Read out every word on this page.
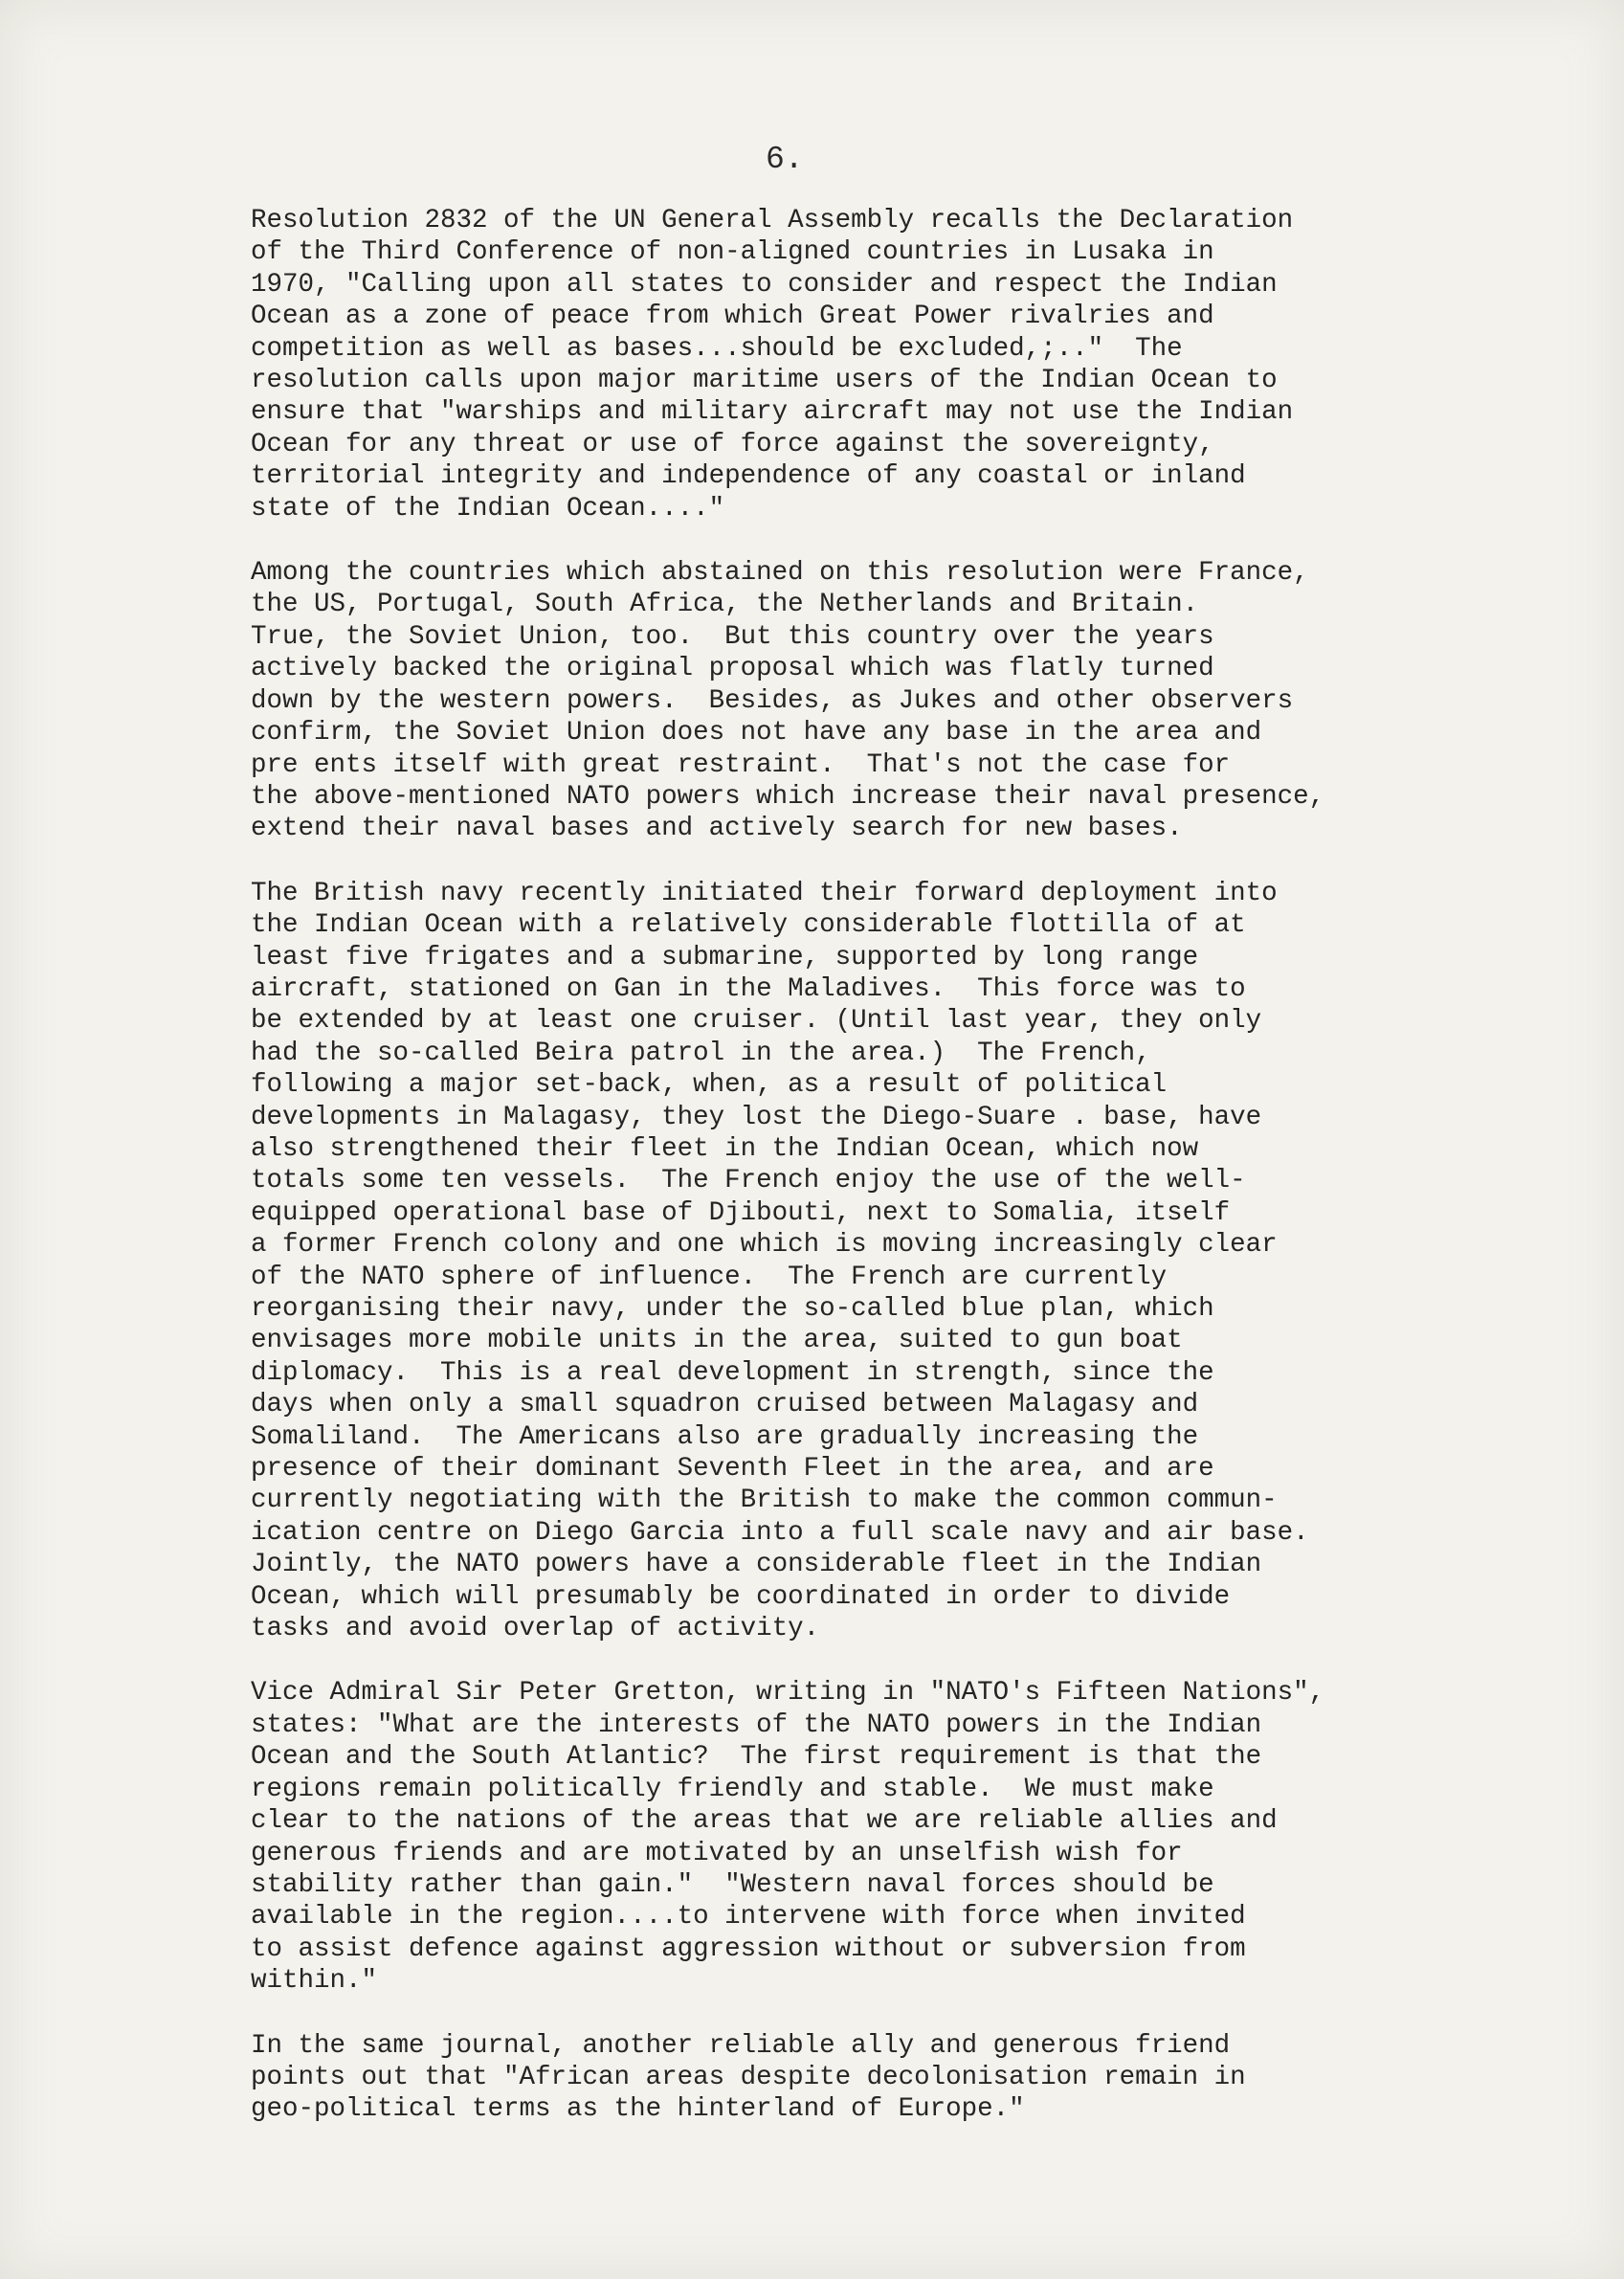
6.
Resolution 2832 of the UN General Assembly recalls the Declaration
of the Third Conference of non-aligned countries in Lusaka in
1970, "Calling upon all states to consider and respect the Indian
Ocean as a zone of peace from which Great Power rivalries and
competition as well as bases...should be excluded,;.."  The
resolution calls upon major maritime users of the Indian Ocean to
ensure that "warships and military aircraft may not use the Indian
Ocean for any threat or use of force against the sovereignty,
territorial integrity and independence of any coastal or inland
state of the Indian Ocean...."
Among the countries which abstained on this resolution were France,
the US, Portugal, South Africa, the Netherlands and Britain.
True, the Soviet Union, too.  But this country over the years
actively backed the original proposal which was flatly turned
down by the western powers.  Besides, as Jukes and other observers
confirm, the Soviet Union does not have any base in the area and
pre ents itself with great restraint.  That's not the case for
the above-mentioned NATO powers which increase their naval presence,
extend their naval bases and actively search for new bases.
The British navy recently initiated their forward deployment into
the Indian Ocean with a relatively considerable flottilla of at
least five frigates and a submarine, supported by long range
aircraft, stationed on Gan in the Maladives.  This force was to
be extended by at least one cruiser. (Until last year, they only
had the so-called Beira patrol in the area.)  The French,
following a major set-back, when, as a result of political
developments in Malagasy, they lost the Diego-Suare . base, have
also strengthened their fleet in the Indian Ocean, which now
totals some ten vessels.  The French enjoy the use of the well-
equipped operational base of Djibouti, next to Somalia, itself
a former French colony and one which is moving increasingly clear
of the NATO sphere of influence.  The French are currently
reorganising their navy, under the so-called blue plan, which
envisages more mobile units in the area, suited to gun boat
diplomacy.  This is a real development in strength, since the
days when only a small squadron cruised between Malagasy and
Somaliland.  The Americans also are gradually increasing the
presence of their dominant Seventh Fleet in the area, and are
currently negotiating with the British to make the common commun-
ication centre on Diego Garcia into a full scale navy and air base.
Jointly, the NATO powers have a considerable fleet in the Indian
Ocean, which will presumably be coordinated in order to divide
tasks and avoid overlap of activity.
Vice Admiral Sir Peter Gretton, writing in "NATO's Fifteen Nations",
states: "What are the interests of the NATO powers in the Indian
Ocean and the South Atlantic?  The first requirement is that the
regions remain politically friendly and stable.  We must make
clear to the nations of the areas that we are reliable allies and
generous friends and are motivated by an unselfish wish for
stability rather than gain."  "Western naval forces should be
available in the region....to intervene with force when invited
to assist defence against aggression without or subversion from
within."
In the same journal, another reliable ally and generous friend
points out that "African areas despite decolonisation remain in
geo-political terms as the hinterland of Europe."
